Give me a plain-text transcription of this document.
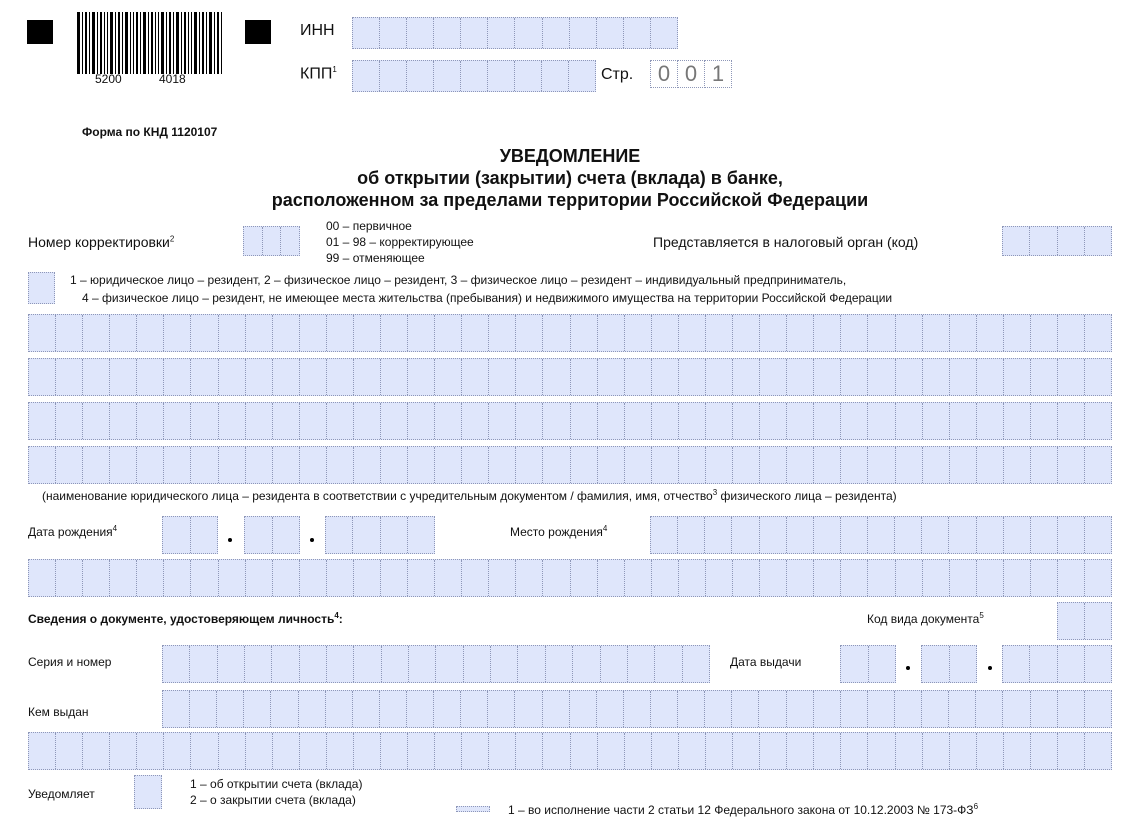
5200	4018
ИНН
КПП$^1$	Стр.	0 0 1
Форма по КНД 1120107
УВЕДОМЛЕНИЕ
об открытии (закрытии) счета (вклада) в банке,
расположенном за пределами территории Российской Федерации
Номер корректировки$^2$
00 – первичное
01 – 98 – корректирующее
99 – отменяющее
Представляется в налоговый орган (код)
1 – юридическое лицо – резидент, 2 – физическое лицо – резидент, 3 – физическое лицо – резидент – индивидуальный предприниматель,
4 – физическое лицо – резидент, не имеющее места жительства (пребывания) и недвижимого имущества на территории Российской Федерации
(наименование юридического лица – резидента в соответствии с учредительным документом / фамилия, имя, отчество$^3$ физического лица – резидента)
Дата рождения$^4$	Место рождения$^4$
Сведения о документе, удостоверяющем личность$^4$:	Код вида документа$^5$
Серия и номер	Дата выдачи
Кем выдан
Уведомляет
1 – об открытии счета (вклада)
2 – о закрытии счета (вклада)
1 – во исполнение части 2 статьи 12 Федерального закона от 10.12.2003 № $173-ФЗ^6$
